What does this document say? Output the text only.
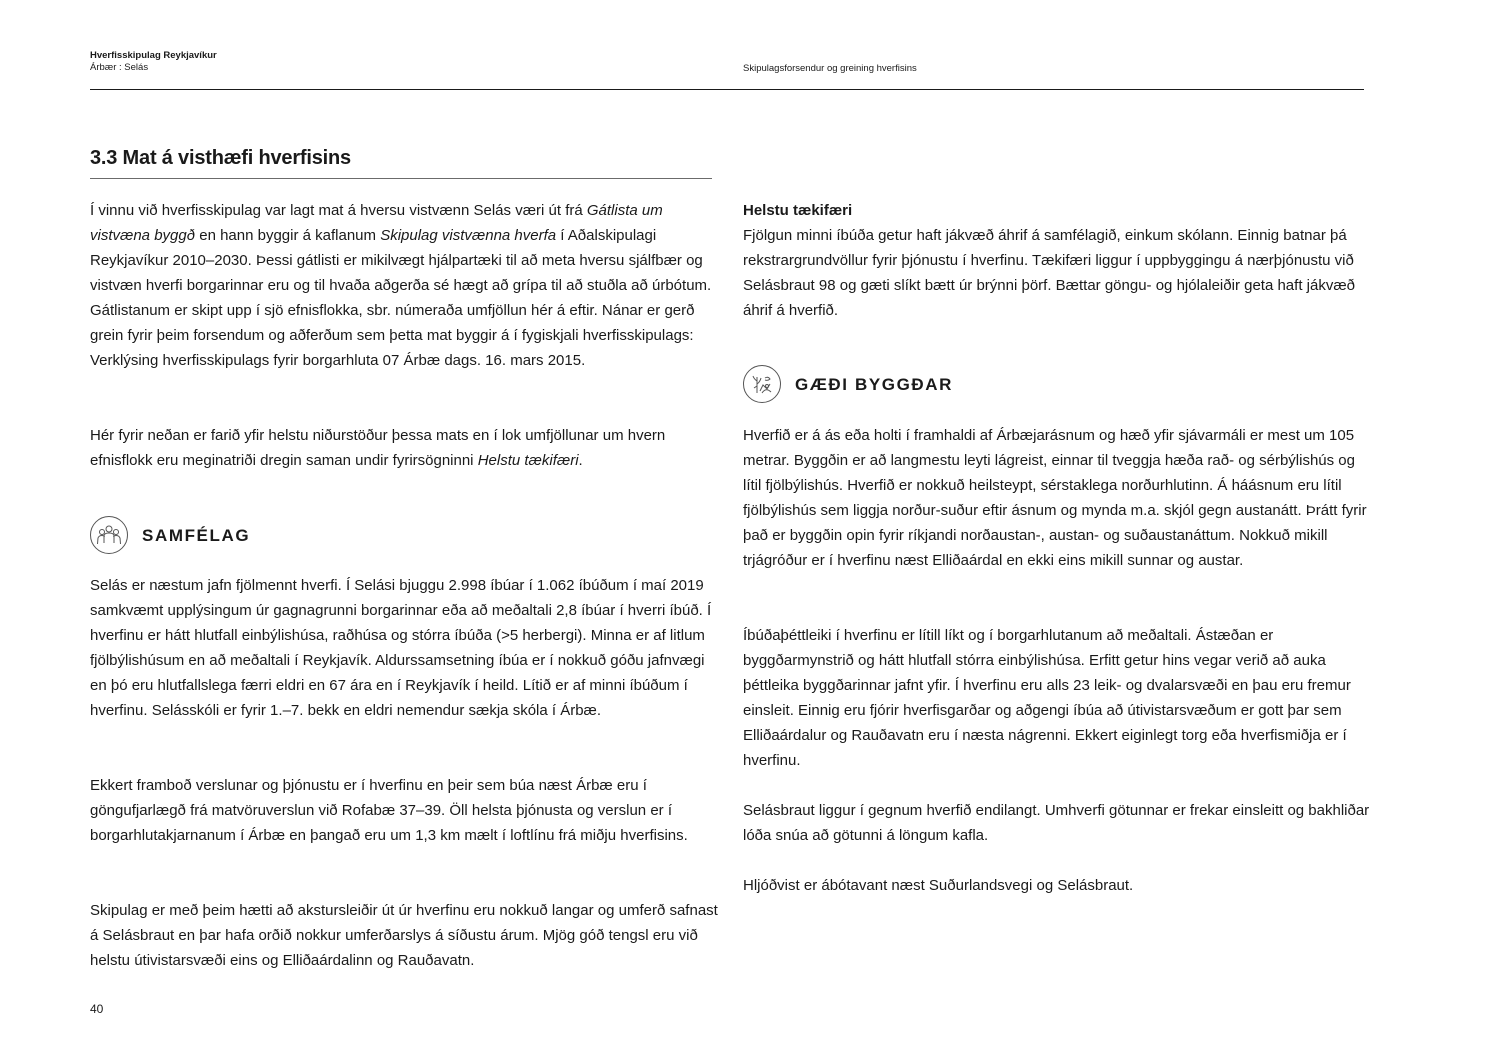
Hverfisskipulag Reykjavíkur
Árbær : Selás	Skipulagsforsendur og greining hverfisins
3.3 Mat á visthæfi hverfisins

Í vinnu við hverfisskipulag var lagt mat á hversu vistvænn Selás væri út frá Gátlista um vistvæna byggð en hann byggir á kaflanum Skipulag vistvænna hverfa í Aðalskipulagi Reykjavíkur 2010–2030. Þessi gátlisti er mikilvægt hjálpartæki til að meta hversu sjálfbær og vistvæn hverfi borgarinnar eru og til hvaða aðgerða sé hægt að grípa til að stuðla að úrbótum. Gátlistanum er skipt upp í sjö efnisflokka, sbr. númeraða umfjöllun hér á eftir. Nánar er gerð grein fyrir þeim forsendum og aðferðum sem þetta mat byggir á í fygiskjali hverfisskipulags: Verklýsing hverfisskipulags fyrir borgarhluta 07 Árbæ dags. 16. mars 2015.

Hér fyrir neðan er farið yfir helstu niðurstöður þessa mats en í lok umfjöllunar um hvern efnisflokk eru meginatriði dregin saman undir fyrirsögninni Helstu tækifæri.

SAMFÉLAG

Selás er næstum jafn fjölmennt hverfi. Í Selási bjuggu 2.998 íbúar í 1.062 íbúðum í maí 2019 samkvæmt upplýsingum úr gagnagrunni borgarinnar eða að meðaltali 2,8 íbúar í hverri íbúð. Í hverfinu er hátt hlutfall einbýlishúsa, raðhúsa og stórra íbúða (>5 herbergi). Minna er af litlum fjölbýlishúsum en að meðaltali í Reykjavík. Aldurssamsetning íbúa er í nokkuð góðu jafnvægi en þó eru hlutfallslega færri eldri en 67 ára en í Reykjavík í heild. Lítið er af minni íbúðum í hverfinu. Selásskóli er fyrir 1.–7. bekk en eldri nemendur sækja skóla í Árbæ.

Ekkert framboð verslunar og þjónustu er í hverfinu en þeir sem búa næst Árbæ eru í göngufjarlægð frá matvöruverslun við Rofabæ 37–39. Öll helsta þjónusta og verslun er í borgarhlutakjarnanum í Árbæ en þangað eru um 1,3 km mælt í loftlínu frá miðju hverfisins.

Skipulag er með þeim hætti að akstursleiðir út úr hverfinu eru nokkuð langar og umferð safnast á Selásbraut en þar hafa orðið nokkur umferðarslys á síðustu árum. Mjög góð tengsl eru við helstu útivistarsvæði eins og Elliðaárdalinn og Rauðavatn.

Helstu tækifæri

Fjölgun minni íbúða getur haft jákvæð áhrif á samfélagið, einkum skólann. Einnig batnar þá rekstrargrundvöllur fyrir þjónustu í hverfinu. Tækifæri liggur í uppbyggingu á nærþjónustu við Selásbraut 98 og gæti slíkt bætt úr brýnni þörf. Bættar göngu- og hjólaleiðir geta haft jákvæð áhrif á hverfið.

GÆÐI BYGGÐAR

Hverfið er á ás eða holti í framhaldi af Árbæjarásnum og hæð yfir sjávarmáli er mest um 105 metrar. Byggðin er að langmestu leyti lágreist, einnar til tveggja hæða rað- og sérbýlishús og lítil fjölbýlishús. Hverfið er nokkuð heilsteypt, sérstaklega norðurhlutinn. Á háásnum eru lítil fjölbýlishús sem liggja norður-suður eftir ásnum og mynda m.a. skjól gegn austanátt. Þrátt fyrir það er byggðin opin fyrir ríkjandi norðaustan-, austan- og suðaustanáttum. Nokkuð mikill trjágróður er í hverfinu næst Elliðaárdal en ekki eins mikill sunnar og austar.

Íbúðaþéttleiki í hverfinu er lítill líkt og í borgarhlutanum að meðaltali. Ástæðan er byggðarmynstrið og hátt hlutfall stórra einbýlishúsa. Erfitt getur hins vegar verið að auka þéttleika byggðarinnar jafnt yfir. Í hverfinu eru alls 23 leik- og dvalarsvæði en þau eru fremur einsleit. Einnig eru fjórir hverfisgarðar og aðgengi íbúa að útivistarsvæðum er gott þar sem Elliðaárdalur og Rauðavatn eru í næsta nágrenni. Ekkert eiginlegt torg eða hverfismiðja er í hverfinu.

Selásbraut liggur í gegnum hverfið endilangt. Umhverfi götunnar er frekar einsleitt og bakhliðar lóða snúa að götunni á löngum kafla.

Hljóðvist er ábótavant næst Suðurlandsvegi og Selásbraut.

40
